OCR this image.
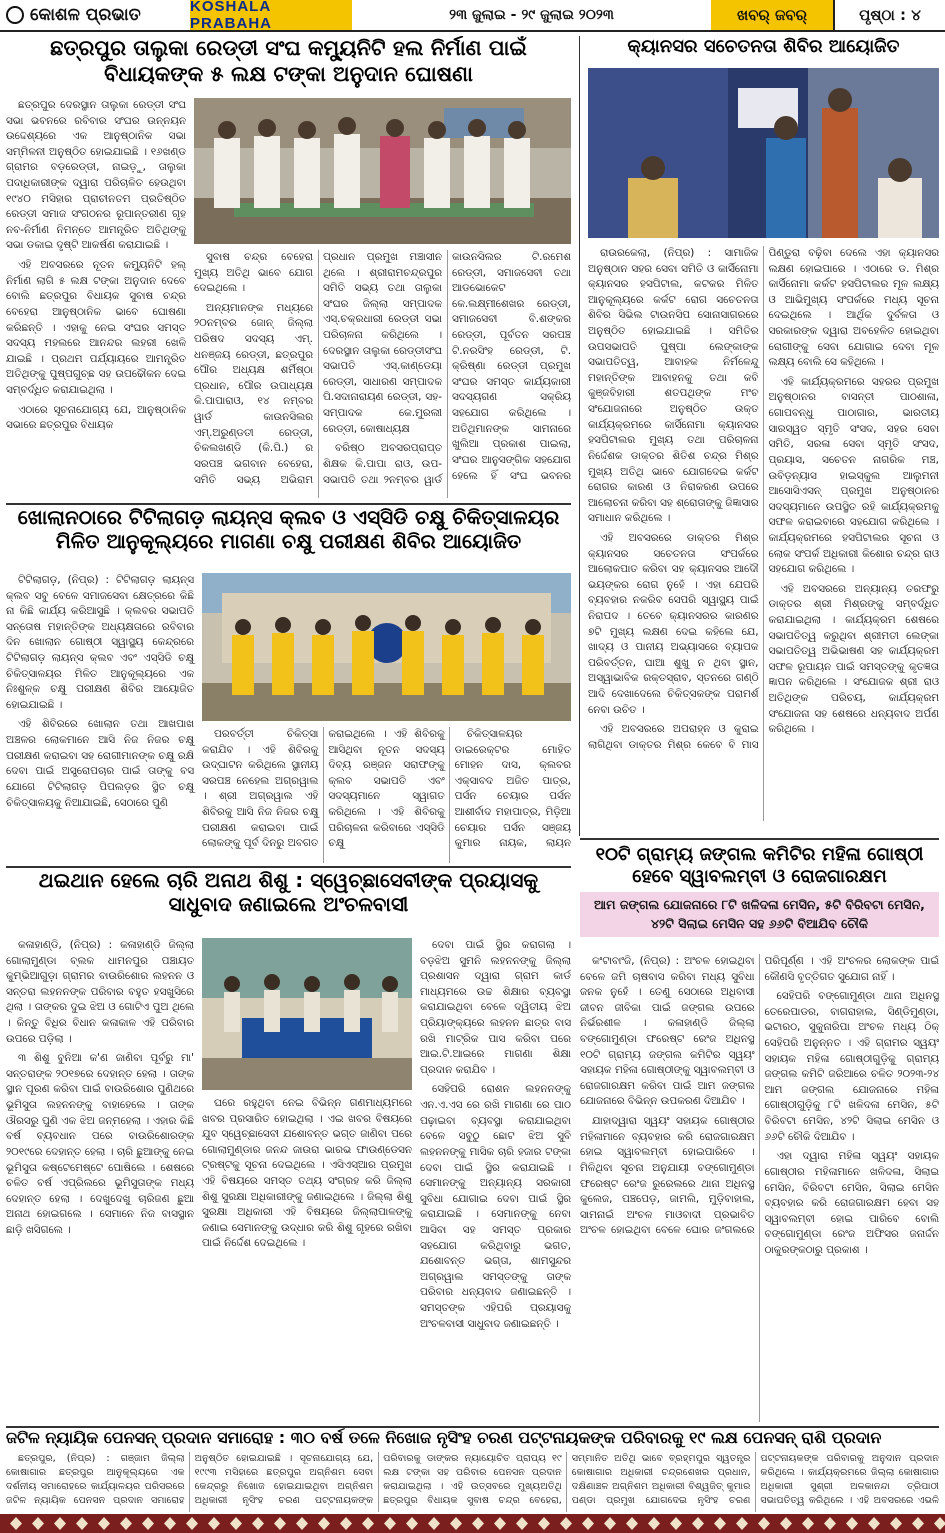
କୋଶଳ ପ୍ରଭାତ	KOSHALA PRABAHA	୨୩ ଜୁଲାଇ - ୨୯ ଜୁଲାଇ ୨୦୨୩	ଖବର୍ ଜବର୍	ପୃଷ୍ଠା : ୪
ଛତ୍ରପୁର ତାଲୁକା ରେଡ୍ଡୀ ସଂଘ କମ୍ୟୁନିଟି ହଲ ନିର୍ମାଣ ପାଇଁ ବିଧାୟକଙ୍କ ୫ ଲକ୍ଷ ଟଙ୍କା ଅନୁଦାନ ଘୋଷଣା

ଛତ୍ରପୁର ଦେରସ୍ଥାନ ତାଲୁକା ରେଡ୍ଡୀ ସଂଘ ସଭା ଭବନରେ ରବିବାର ସଂଘର ଉନ୍ନୟନ ଉଦ୍ଦେଶ୍ୟରେ ଏକ ଆନୁଷ୍ଠାନିକ ସଭା ସମ୍ମିଳନୀ ଅନୁଷ୍ଠିତ ହୋଇଯାଇଛି । ୧୬ଖଣ୍ଡ ଗ୍ରାମର ବଡ଼ରେଡ୍ଡୀ, ନାଇଡ଼ୁ, ତାଲୁକା ପଦାଧିକାରୀଙ୍କ ଦ୍ୱାରା ପରିଚାଳିତ ହେଉଥିବା ୧୯୪୦ ମସିହାର ପ୍ରାଚୀନତମ ପ୍ରତିଷ୍ଠିତ ରେଡ୍ଡୀ ସମାଜ ସଂଗଠନର ରୂପାନ୍ତରୀଣ ଗୃହ ନବ-ନିର୍ମାଣ ନିମନ୍ତେ ଆମନ୍ତ୍ରିତ ଅତିଥିଙ୍କୁ ସଭା ଡକାଇ ଦୃଷ୍ଟି ଆକର୍ଷଣ କରାଯାଇଛି ।

ଏହି ଅବସରରେ ନୂତନ କମ୍ୟୁନିଟି ହଲ୍ ନିର୍ମାଣ ଲାଗି ୫ ଲକ୍ଷ ଟଙ୍କା ଅନୁଦାନ ଦେବେ ବୋଲି ଛତ୍ରପୁର ବିଧାୟକ ସୁବାଷ ଚନ୍ଦ୍ର ବେହେରା ଆନୁଷ୍ଠାନିକ ଭାବେ ଘୋଷଣା କରିଛନ୍ତି । ଏହାକୁ ନେଇ ସଂଘର ସମସ୍ତ ସଦସ୍ୟ ମହଲରେ ଆନନ୍ଦର ଲହରୀ ଖେଳି ଯାଇଛି । ପ୍ରଥମ ପର୍ଯ୍ୟାୟରେ ଆମନ୍ତ୍ରିତ ଅତିଥିଙ୍କୁ ପୁଷ୍ପଗୁଚ୍ଛ ସହ ଉପଢୌକନ ଦେଇ ସମ୍ବର୍ଦ୍ଧିତ କରାଯାଇଥିଲା ।

ଏଠାରେ ସୂଚନାଯୋଗ୍ୟ ଯେ, ଆନୁଷ୍ଠାନିକ ସଭାରେ ଛତ୍ରପୁର ବିଧାୟକ

ସୁବାଷ ଚନ୍ଦ୍ର ବେହେରା ମୁଖ୍ୟ ଅତିଥି ଭାବେ ଯୋଗ ଦେଇଥିଲେ ।

ଅନ୍ୟମାନଙ୍କ ମଧ୍ୟରେ ୨୦ନମ୍ବର ଜୋନ୍ ଜିଲ୍ଲା ପରିଷଦ ସଦସ୍ୟ ଏମ୍. ଧନଞ୍ଜୟ ରେଡ୍ଡୀ, ଛତ୍ରପୁର ପୌର ଅଧ୍ୟକ୍ଷ ଶର୍ମିଷ୍ଠା ପ୍ରଧାନ, ପୌର ଉପାଧ୍ୟକ୍ଷ କି.ପାପାରାଓ, ୧୪ ନମ୍ବର ୱାର୍ଡ କାଉନସିଲର ଏମ୍.ଅରୁଣ୍ଡତୀ ରେଡ୍ଡୀ, ଚିକଲଖଣ୍ଡି (କି.ପି.) ର ସରପଞ୍ଚ ଭଗବାନ ବେହେରା, ସମିତି ସଭ୍ୟ ଅଭିରାମ ପ୍ରଧାନ ପ୍ରମୁଖ ମଞ୍ଚାସୀନ ଥିଲେ । ଶ୍ରୀରାମଚନ୍ଦ୍ରପୁର ସମିତି ସଭ୍ୟ ତଥା ତାଲୁକା ସଂଘର ଜିଲ୍ଲା ସମ୍ପାଦକ ଏସ୍.ଚକ୍ରଧାରୀ ରେଡ୍ଡୀ ସଭା ପରିଚାଳନା କରିଥିଲେ । ଦେରସ୍ଥାନ ତାଲୁକା ରେଡ୍ଡୀସଂଘ ସଭାପତି ଏସ୍.କାଣ୍ଡେୟା ରେଡ୍ଡୀ, ସାଧାରଣ ସମ୍ପାଦକ ପି.ସଦାନାରାୟଣ ରେଡ୍ଡୀ, ସହ-ସମ୍ପାଦକ କେ.ମୁରଲୀ ରେଡ୍ଡୀ, କୋଷାଧ୍ୟକ୍ଷ

ବରିଷ୍ଠ ଅବସରପ୍ରାପ୍ତ ଶିକ୍ଷକ କି.ପାପା ରାଓ, ଉପ-ସଭାପତି ତଥା ୨ନମ୍ବର ୱାର୍ଡ କାଉନସିଲର ଟି.ରମେଶ ରେଡ୍ଡୀ, ସମାଜସେବୀ ତଥା ଆଡଭୋକେଟ କେ.ଲକ୍ଷ୍ମୀଶେଖର ରେଡ୍ଡୀ, ସମାଜସେବୀ ବି.ଶଙ୍କର ରେଡ୍ଡୀ, ପୂର୍ବତନ ସରପଞ୍ଚ ଟି.ନରସିଂହ ରେଡ୍ଡୀ, ଟି. କ୍ରିଷ୍ଣା ରେଡ୍ଡୀ ପ୍ରମୁଖ ସଂଘର ସମସ୍ତ କାର୍ଯ୍ୟକାରୀ ସଦସ୍ୟଗଣ ସକ୍ରିୟ ସହଯୋଗ କରିଥିଲେ । ଅତିଥିମାନଙ୍କ ସାମନାରେ ଖୁଲିଆ ପ୍ରକାଶ ପାଇଲା, ସଂଘର ଆନୁସଙ୍ଗିକ ସହଯୋଗ ହେଲେ ହିଁ ସଂଘ ଭବନର

କ୍ୟାନସର ସଚେତନତା ଶିବିର ଆୟୋଜିତ

ରାଉରକେଲା, (ନିପ୍ର) : ସାମାଜିକ ଅନୁଷ୍ଠାନ ସହର ସେବା ସମିତି ଓ କାର୍ସିନୋମା କ୍ୟାନସର ହସପିଟାଲ, କଟକର ମିଳିତ ଆନୁକୂଲ୍ୟରେ କର୍କଟ ରୋଗ ସଚେତନତା ଶିବିର ସିଭିଲ ଟାଉନସିପ ସୋନାସାଗରରେ ଅନୁଷ୍ଠିତ ହୋଇଯାଇଛି । ସମିତିର ଉପସଭାପତି ପୁଷ୍ପା ଲେଙ୍କାଙ୍କ ସଭାପତିତ୍ୱ, ଆବାହକ ନିର୍ମଳେନ୍ଦୁ ମହାନ୍ତିଙ୍କ ଆବାହନକୁ ତଥା କବି କୁଞ୍ଜବିହାରୀ ଶତପଥିଙ୍କ ମଂଚ ସଂଯୋଜନାରେ ଅନୁଷ୍ଠିତ ଉକ୍ତ କାର୍ଯ୍ୟକ୍ରମରେ କାର୍ସିନୋମା କ୍ୟାନସର ହସପିଟାଲର ମୁଖ୍ୟ ତଥା ପରିଚାଳନା ନିର୍ଦ୍ଦେଶକ ଡାକ୍ତର ଶିତିଶ ଚନ୍ଦ୍ର ମିଶ୍ର ମୁଖ୍ୟ ଅତିଥି ଭାବେ ଯୋଗଦେଇ କର୍କଟ ରୋଗର କାରଣ ଓ ନିରାକରଣ ଉପରେ ଆଲୋଚନା କରିବା ସହ ଶ୍ରୋତାଙ୍କୁ ଜିଜ୍ଞାସାର ସମାଧାନ କରିଥିଲେ ।

ଏହି ଅବସରରେ ଡାକ୍ତର ମିଶ୍ର କ୍ୟାନସର ସଚେତନତା ସଂପର୍କରେ ଆଲୋକପାତ କରିବା ସହ କ୍ୟାନସର ଆଦୌ ଭୟଙ୍କର ରୋଗ ନୁହେଁ । ଏହା ଯେପରି ବ୍ୟବହାର ନକରିବ ସେପରି ସ୍ୱାସ୍ଥ୍ୟ ପାଇଁ ନିରାପଦ । ତେବେ କ୍ୟାନସରର କାରଣର ୭ଟି ମୁଖ୍ୟ ଲକ୍ଷଣ ଦେଇ କହିଲେ ଯେ, ଖାଦ୍ୟ ଓ ପାନୀୟ ଅଭ୍ୟାସରେ ବ୍ୟାପକ ପରିବର୍ତ୍ତନ, ଘାଆ ଶୁଖୁ ନ ଥିବା ସ୍ଥାନ, ଅସ୍ୱାଭାବିକ ରକ୍ତସ୍ରାବ, ସ୍ତନରେ ଗଣ୍ଠି ଆଦି ଦେଖାଦେଲେ ଚିକିତ୍ସକଙ୍କ ପରାମର୍ଶ ନେବା ଉଚିତ ।

ଏହି ଅବସରରେ ଅପରାହ୍ନ ଓ କୁରାଇ ଲାଗିଥିବା ଡାକ୍ତର ମିଶ୍ର କେବେ ବି ମାସ ପିଣ୍ଡୁରା ବଢ଼ିବା ଦେଲେ ଏହା କ୍ୟାନସର ଲକ୍ଷଣ ହୋଇପାରେ । ଏଠାରେ ଡ. ମିଶ୍ର କାର୍ସିନୋମା କର୍କଟ ହସପିଟାଲର ମୂଳ ଲକ୍ଷ୍ୟ ଓ ଆଭିମୁଖ୍ୟ ସଂପର୍କରେ ମଧ୍ୟ ସୂଚନା ଦେଇଥିଲେ । ଆର୍ଥିକ ଦୁର୍ବଳତା ଓ ସରକାରଙ୍କ ଦ୍ୱାରା ଅବହେଳିତ ହୋଇଥିବା ରୋଗୀଙ୍କୁ ସେବା ଯୋଗାଇ ଦେବା ମୂଳ ଲକ୍ଷ୍ୟ ବୋଲି ସେ କହିଥିଲେ ।

ଏହି କାର୍ଯ୍ୟକ୍ରମରେ ସହରର ପ୍ରମୁଖ ଅନୁଷ୍ଠାନର ବାସନ୍ତୀ ପାଠଶାଳା, ଗୋପବନ୍ଧୁ ପାଠାଗାର, ଭାରତୀୟ ସାରସ୍ୱତ ସ୍ମୃତି ସଂସଦ, ସହର ସେବା ସମିତି, ସରଳା ସେବା ସ୍ମୃତି ସଂସଦ, ପ୍ରୟାସ, ସଚେତନ ନାଗରିକ ମଞ୍ଚ, ଉବିଡ଼ନ୍ୟାସ ହାଇସ୍କୁଲ ଆଲୁମନୀ ଆସୋସିଏସନ୍ ପ୍ରମୁଖ ଅନୁଷ୍ଠାନର ସଦସ୍ୟମାନେ ଉପସ୍ଥିତ ରହି କାର୍ଯ୍ୟକ୍ରମକୁ ସଫଳ କରାଇବାରେ ସହଯୋଗ କରିଥିଲେ । କାର୍ଯ୍ୟକ୍ରମରେ ହସପିଟାଲର ସୂଚନା ଓ ଲୋକ ସଂପର୍କ ଅଧିକାରୀ କିଶୋର ଚନ୍ଦ୍ର ରାଓ ସହଯୋଗ କରିଥିଲେ ।

ଏହି ଅବସରରେ ଅନ୍ୟାନ୍ୟ ତରଫରୁ ଡାକ୍ତର ଶ୍ରୀ ମିଶ୍ରଙ୍କୁ ସମ୍ବର୍ଦ୍ଧିତ କରାଯାଇଥିଲା । କାର୍ଯ୍ୟକ୍ରମ ଶେଷରେ ସଭାପତିତ୍ୱ କରୁଥିବା ଶ୍ରୀମତୀ ଲେଙ୍କା ସଭାପତିତ୍ୱ ଅଭିଭାଷଣ ସହ କାର୍ଯ୍ୟକ୍ରମ ସଫଳ ରୂପାୟନ ପାଇଁ ସମସ୍ତଙ୍କୁ କୃତଜ୍ଞତା ଜ୍ଞାପନ କରିଥିଲେ । ସଂଯୋଜକ ଶ୍ରୀ ରାଓ ଅତିଥିଙ୍କ ପରିଚୟ, କାର୍ଯ୍ୟକ୍ରମ ସଂଯୋଜନା ସହ ଶେଷରେ ଧନ୍ୟବାଦ ଅର୍ପଣ କରିଥିଲେ ।

ଖୋଲାନଠାରେ ଟିଟିଲାଗଡ଼ ଲାୟନ୍ସ କ୍ଲବ ଓ ଏସ୍‌ସିଡି ଚକ୍ଷୁ ଚିକିତ୍ସାଳୟର ମିଳିତ ଆନୁକୂଲ୍ୟରେ ମାଗଣା ଚକ୍ଷୁ ପରୀକ୍ଷଣ ଶିବିର ଆୟୋଜିତ

ଟିଟିଲାଗଡ଼, (ନିପ୍ର) : ଟିଟିଲାଗଡ଼ ଲାୟନ୍ସ କ୍ଲବ ସବୁ ବେଳେ ସମାଜସେବା କ୍ଷେତ୍ରରେ କିଛି ନା କିଛି କାର୍ଯ୍ୟ କରିଆସୁଛି । କ୍ଲବର ସଭାପତି ସନ୍ତୋଷ ମହାନ୍ତିଙ୍କ ଅଧ୍ୟକ୍ଷତାରେ ରବିବାର ଦିନ ଖୋଲାନ ଗୋଷ୍ଠୀ ସ୍ୱାସ୍ଥ୍ୟ କେନ୍ଦ୍ରରେ ଟିଟିଲାଗଡ଼ ଲାୟନ୍ସ କ୍ଲବ ଏବଂ ଏସ୍‌ସିଡି ଚକ୍ଷୁ ଚିକିତ୍ସାଳୟର ମିଳିତ ଆନୁକୂଲ୍ୟରେ ଏକ ନିଃଶୁଳ୍କ ଚକ୍ଷୁ ପରୀକ୍ଷଣ ଶିବିର ଆୟୋଜିତ ହୋଇଯାଇଛି ।

ଏହି ଶିବିରରେ ଖୋଲାନ ତଥା ଆଖପାଖ ଅଞ୍ଚଳର ଲୋକମାନେ ଆସି ନିଜ ନିଜର ଚକ୍ଷୁ ପରୀକ୍ଷଣ କରାଇବା ସହ ରୋଗୀମାନଙ୍କ ଚକ୍ଷୁ ରକ୍ଷି ଦେବା ପାଇଁ ଅସ୍ତ୍ରୋପଚାର ପାଇଁ ତାଙ୍କୁ ବସ ଯୋଗେ ଟିଟିଲାଗଡ଼ ପିପଲଡ଼ର ସ୍ଥିତ ଚକ୍ଷୁ ଚିକିତ୍ସାଳୟକୁ ନିଆଯାଇଛି, ସେଠାରେ ପୁଣି

ପରବର୍ତ୍ତୀ ଚିକିତ୍ସା କରାଯିବ । ଏହି ଶିବିରକୁ ଉଦ୍‌ଘାଟନ କରିଥିଲେ ସ୍ଥାନୀୟ ସରପଞ୍ଚ ନେହେଲ ଅଗ୍ରୱାଲ । ଶ୍ରୀ ଅଗ୍ରୱାଲ ଏହି ଶିବିରକୁ ଆସି ନିଜ ନିଜର ଚକ୍ଷୁ ପରୀକ୍ଷଣ କରାଇବା ପାଇଁ ଲୋକଙ୍କୁ ପୂର୍ବ ଦିନରୁ ଅବଗତ କରାଇଥିଲେ । ଏହି ଶିବିରକୁ ଆସିଥିବା ନୂତନ ସଦସ୍ୟ ଦିବ୍ୟ ରଞ୍ଜନ ସରାଫଙ୍କୁ କ୍ଲବ ସଭାପତି ଏବଂ ସଦସ୍ୟମାନେ ସ୍ୱାଗତ କରିଥିଲେ । ଏହି ଶିବିରକୁ ପରିଚାଳନା କରିବାରେ ଏସ୍‌ସିଡି ଚକ୍ଷୁ

ଚିକିତ୍ସାଳୟର ଡାଇରେକ୍ଟର ମୋହିତ ମୋହନ ଦାସ, କ୍ଲବର ଏକ୍ସାବଦ ଅଜିତ ପାତ୍ର, ପର୍ସନ ଚେୟାର ପର୍ସନ ଆଶୀର୍ବାଦ ମହାପାତ୍ର, ମିଡ଼ିଆ ଚେୟାର ପର୍ସନ ସଞ୍ଜୟ କୁମାର ନାୟକ, ଲାୟନ

ଥଇଥାନ ହେଲେ ଚାରି ଅନାଥ ଶିଶୁ : ସ୍ୱେଚ୍ଛାସେବୀଙ୍କ ପ୍ରୟାସକୁ ସାଧୁବାଦ ଜଣାଇଲେ ଅଂଚଳବାସୀ

କଳାହାଣ୍ଡି, (ନିପ୍ର) : କଳାହାଣ୍ଡି ଜିଲ୍ଲା ଗୋଲାମୁଣ୍ଡା ବ୍ଲକ ଧାମନପୁର ପଞ୍ଚାୟତ କୁମ୍ଭିଆଗୁଡ଼ା ଗ୍ରାମର ବାଉରିଶୋର ଲହନନ ଓ ସନ୍ତରା ଲହନନଙ୍କ ପରିବାର ବହୁତ ହସଖୁସିରେ ଥିଲା । ତାଙ୍କର ଦୁଇ ଝିଅ ଓ ଗୋଟିଏ ପୁଅ ଥିଲେ । କିନ୍ତୁ ବିଧିର ବିଧାନ କଳାକାଳ ଏହି ପରିବାର ଉପରେ ପଡ଼ିଲା ।

୩ ଶିଶୁ ବୁନିଆ କ'ଣ ଜାଣିବା ପୂର୍ବରୁ ମା' ସନ୍ତରାଙ୍କ ୨୦୧୭ରେ ଦେହାନ୍ତ ହେଲା । ତାଙ୍କ ସ୍ଥାନ ପୂରଣ କରିବା ପାଇଁ ବାଉରିଶୋର ପୁଣିଥରେ ଭୂମିସୁତା ଲହନନଙ୍କୁ ବାହାହେଲେ । ତାଙ୍କ ଔରସରୁ ପୁଣି ଏକ ଝିଅ ଜନ୍ମହେଲା । ଏହାର କିଛି ବର୍ଷ ବ୍ୟବଧାନ ପରେ ବାଉରିଶୋରଙ୍କ ୨୦୧୯ରେ ଦେହାନ୍ତ ହେଲା । ଚାରି ଛୁଆଙ୍କୁ ନେଇ ଭୂମିସୁତା କଷ୍ଟେମେଷ୍ଟେ ପୋଷିଲେ । ଶେଷରେ ଚଳିତ ବର୍ଷ ଏପ୍ରିଲରେ ଭୂମିସୁତାଙ୍କ ମଧ୍ୟ ଦେହାନ୍ତ ହେଲା । ଦେଖୁଦେଖୁ ଚାରିଜଣ ଛୁଆ ଅନାଥ ହୋଇଗଲେ । ସେମାନେ ନିଜ ବାସସ୍ଥାନ ଛାଡ଼ି ଖସିଗଲେ ।

ଘରେ ରହୁଥିବା ନେଇ ବିଭିନ୍ନ ଗଣମାଧ୍ୟମରେ ଖବର ପ୍ରସାରିତ ହୋଇଥିଲା । ଏଇ ଖବର ବିଷୟରେ ଯୁବ ସ୍ୱେଚ୍ଛାସେବୀ ଯଶୋବନ୍ତ ଭଗ୍ତ ଜାଣିବା ପରେ ଗୋଲାମୁଣ୍ଡାର ଜନନ୍ଦ ଜାଉରା ଭାରଭ ଫାଉଣ୍ଡେସନ ଟ୍ରଷ୍ଟକୁ ସୂଚନା ଦେଇଥିଲେ । ଏସିଏସ୍ଆର ପ୍ରମୁଖ ଏହି ବିଷୟରେ ସମସ୍ତ ତଥ୍ୟ ସଂଗ୍ରହ କରି ଜିଲ୍ଲା ଶିଶୁ ସୁରକ୍ଷା ଅଧିକାରୀଙ୍କୁ ଜଣାଇଥିଲେ । ଜିଲ୍ଲା ଶିଶୁ ସୁରକ୍ଷା ଅଧିକାରୀ ଏହି ବିଷୟରେ ଜିଲ୍ଲାପାଳଙ୍କୁ ଜଣାଇ ସେମାନଙ୍କୁ ଉଦ୍ଧାର କରି ଶିଶୁ ଗୃହରେ ରଖିବା ପାଇଁ ନିର୍ଦ୍ଦେଶ ଦେଇଥିଲେ ।

ଦେବା ପାଇଁ ସ୍ଥିର କରାଗଲା । ବଡ଼ଝିଅ ସୁମନି ଲହନନଙ୍କୁ ଜିଲ୍ଲା ପ୍ରଶାସନ ଦ୍ୱାରା ଗ୍ରାମ କାର୍ଡ ମାଧ୍ୟମରେ ଉଚ୍ଚ ଶିକ୍ଷାର ବ୍ୟବସ୍ଥା କରାଯାଇଥିବା ବେଳେ ଦ୍ୱିତୀୟ ଝିଅ ପ୍ରିୟାଙ୍କ୍ୟରେ ଲହନନ ଛାତ୍ର ବାସ ରଖି ମାଟ୍ରିକ ପାସ କରିବା ପରେ ଆଇ.ଟି.ଆଇରେ ମାଗଣା ଶିକ୍ଷା ପ୍ରଦାନ କରାଯିବ ।

ସେହିପରି ରୋଶନ ଲହନନଙ୍କୁ ଏନ.ଏ.ଏସ ରେ ରଖି ମାଗଣା ରେ ପାଠ ପଢ଼ାଇବା ବ୍ୟବସ୍ଥା କରାଯାଇଥିବା ବେଳେ ସବୁଠୁ ଛୋଟ ଝିଅ ସୁବି ଲହନନଙ୍କୁ ମାସିକ ଚାରି ହଜାର ଟଙ୍କା ଦେବା ପାଇଁ ସ୍ଥିର କରାଯାଇଛି । ସେମାନଙ୍କୁ ଅନ୍ୟାନ୍ୟ ସରକାରୀ ସୁବିଧା ଯୋଗାଇ ଦେବା ପାଇଁ ସ୍ଥିର କରାଯାଇଛି । ସେମାନଙ୍କୁ ନେବା ଆସିବା ସହ ସମସ୍ତ ପ୍ରକାର ସହଯୋଗ କରିଥିବାରୁ ଭଗତ, ଯଶୋବନ୍ତ ଭଗ୍ତା, ଶାମସୁନ୍ଦର ଅଗ୍ରୱାଲ ସମସ୍ତଙ୍କୁ ତାଙ୍କ ପରିବାର ଧନ୍ୟବାଦ ଜଣାଇଛନ୍ତି । ସମସ୍ତଙ୍କ ଏହିପରି ପ୍ରୟାସକୁ ଅଂଚଳବାସୀ ସାଧୁବାଦ ଜଣାଇଛନ୍ତି ।

୧୦ଟି ଗ୍ରାମ୍ୟ ଜଙ୍ଗଲ କମିଟିର ମହିଳା ଗୋଷ୍ଠୀ ହେବେ ସ୍ୱାବଲମ୍ବୀ ଓ ରୋଜଗାରକ୍ଷମ
ଆମ ଜଙ୍ଗଲ ଯୋଜନାରେ ୮ଟି ଖଳିଦଳା ମେସିନ, ୫ଟି ବିରିବଟା ମେସିନ, ୪୨ଟି ସିଲାଇ ମେସିନ ସହ ୬୬ଟି ବିଆଯିବ ଚୌକି

କଂଟାବାଂଜି, (ନିପ୍ର) : ଅଂଚଳ ହୋଇଥିବା ବେଳେ ଜମି ଚାଷବାସ କରିବା ମଧ୍ୟ ସୁବିଧା ଜନକ ନୁହେଁ । ତେଣୁ ସେଠାରେ ଅଧିବାସୀ ଜୀବନ ଜୀବିକା ପାଇଁ ଜଙ୍ଗଲ ଉପରେ ନିର୍ଭରଶୀଳ । କଳାହାଣ୍ଡି ଜିଲ୍ଲା ବଙ୍ଗୋମୁଣ୍ଡା ଫରେଷ୍ଟ ରେଂଜ ଅଧିନସ୍ଥ ୧୦ଟି ଗ୍ରାମ୍ୟ ଜଙ୍ଗଲ କମିଟିର ସ୍ୱୟଂ ସହାୟକ ମହିଳା ଗୋଷ୍ଠୀଙ୍କୁ ସ୍ୱାବଲମ୍ବୀ ଓ ରୋଜଗାରକ୍ଷମ କରିବା ପାଇଁ ଆମ ଜଙ୍ଗଲ ଯୋଜନାରେ ବିଭିନ୍ନ ଉପକରଣ ଦିଆଯିବ ।

ଯାହାଦ୍ୱାରା ସ୍ୱୟଂ ସହାୟକ ଗୋଷ୍ଠୀର ମହିଳାମାନେ ବ୍ୟବହାର କରି ରୋଜଗାରକ୍ଷମ ହୋଇ ସ୍ୱାବଲମ୍ବୀ ହୋଇପାରିବେ । ମିଳିଥିବା ସୂଚନା ଅନୁଯାୟୀ ବଙ୍ଗୋମୁଣ୍ଡା ଫରେଷ୍ଟ ରେଂଜ ରୁରେଲରେ ଥାନା ଅଧିନସ୍ଥ କୁଲେଜ, ପଞ୍ଚପେଡ଼, ଜାମଲି, ମୁଡ଼ିବାହାଲ, ସାମନାଇଁ ଅଂଚଳ ମାଓବାଦୀ ପ୍ରଭାବିତ ଅଂଚଳ ହୋଇଥିବା ବେଳେ ଘୋର ଜଂଗଲରେ ପରିପୂର୍ଣ୍ଣ । ଏହି ଅଂଚଳର ଲୋକଙ୍କ ପାଇଁ କୌଣସି ବୃତ୍ତିଗତ ସୁଯୋଗ ନାହିଁ ।

ସେହିପରି ବଙ୍ଗୋମୁଣ୍ଡା ଥାନା ଅଧିନସ୍ଥ ତେରେପାଡର, ବାଗରାହାଲ, ସିଣ୍ଡିମୁଣ୍ଡା, ଭଟାରଠ, ସୁକୁନାରିପା ଅଂଚଳ ମଧ୍ୟ ଠିକ୍ ସେହିପରି ଅନୁନ୍ନତ । ଏହି ଗ୍ରାମର ସ୍ୱୟଂ ସହାୟକ ମହିଳା ଗୋଷ୍ଠୀଗୁଡ଼ିକୁ ଗ୍ରାମ୍ୟ ଜଙ୍ଗଲ କମିଟି ଜରିଆରେ ଚଳିତ ୨୦୨୩-୨୪ ଆମ ଜଙ୍ଗଲ ଯୋଜନାରେ ମହିଳା ଗୋଷ୍ଠୀଗୁଡ଼ିକୁ ୮ଟି ଖଳିଦଳା ମେସିନ, ୫ଟି ବିରିବଟା ମେସିନ, ୪୨ଟି ସିଲାଇ ମେସିନ ଓ ୬୬ଟି ଚୌକି ଦିଆଯିବ ।

ଏହା ଦ୍ୱାରା ମହିଳା ସ୍ୱୟଂ ସହାୟକ ଗୋଷ୍ଠୀର ମହିଳାମାନେ ଖଳିଦଳା, ସିଲାଇ ମେସିନ, ବିରିବଟା ମେସିନ, ସିଲାଇ ମେସିନ ବ୍ୟବହାର କରି ରୋଜଗାରକ୍ଷମ ହେବା ସହ ସ୍ୱାବଲମ୍ବୀ ହୋଇ ପାରିବେ ବୋଲି ବଙ୍ଗୋମୁଣ୍ଡା ରେଂଜ ଅଫିସର ଜନାର୍ଦ୍ଦନ ଠାକୁରଙ୍କଠାରୁ ପ୍ରକାଶ ।

ଜଟିଳ ନ୍ୟାୟିକ ପେନସନ୍ ପ୍ରଦାନ ସମାରୋହ : ୩୦ ବର୍ଷ ତଳେ ନିଖୋଜ ନୃସିଂହ ଚରଣ ପଟ୍ଟନାୟକଙ୍କ ପରିବାରକୁ ୧୯ ଲକ୍ଷ ପେନସନ୍ ରାଶି ପ୍ରଦାନ

ଛତ୍ରପୁର, (ନିପ୍ର) : ଗଞ୍ଜାମ ଜିଲ୍ଲା କୋଷାଗାର ଛତ୍ରପୁର ଆନୁକୂଲ୍ୟରେ ଏକ ଦର୍ଶନୀୟ ସମାରୋହରେ କାର୍ଯ୍ୟାଳୟର ପରିସରରେ ଜଟିଳ ନ୍ୟାୟିକ ପେନସନ ପ୍ରଦାନ ସମାରୋହ ଅନୁଷ୍ଠିତ ହୋଇଯାଇଛି । ସୂଚନାଯୋଗ୍ୟ ଯେ, ୧୯୯୩ ମସିହାରେ ଛତ୍ରପୁର ଅଗ୍ନିଶମ ସେବା କେନ୍ଦ୍ରରୁ ନିଖୋଜ ହୋଇଯାଇଥିବା ଅଗ୍ନିଶମ ଅଧିକାରୀ ନୃସିଂହ ଚରଣ ପଟ୍ଟନାୟକଙ୍କ ପରିବାରକୁ ଡାଙ୍କର ନ୍ୟାୟୋଚିତ ପ୍ରାପ୍ୟ ୧୯ ଲକ୍ଷ ଟଙ୍କା ସହ ପରିବାର ପେନସନ ପ୍ରଦାନ କରାଯାଇଥିଲା । ଏହି ଉତ୍ସବରେ ମୁଖ୍ୟଅତିଥି ଛତ୍ରପୁର ବିଧାୟକ ସୁବାଷ ଚନ୍ଦ୍ର ବେହେରା, ସମ୍ମାନିତ ଅତିଥି ଭାବେ ବ୍ରହ୍ମପୁର ସ୍ୱତନ୍ତ୍ର କୋଷାଗାର ଅଧିକାରୀ ଚନ୍ଦ୍ରଶେଖର ପ୍ରଧାନ, ଦକ୍ଷିଣାଞ୍ଚଳ ଅଗ୍ନିଶମ ଅଧିକାରୀ ବିଶ୍ୱଜିତ୍ କୁମାର ପଣ୍ଡା ପ୍ରମୁଖ ଯୋଗଦେଇ ନୃସିଂହ ଚରଣ ପଟ୍ଟନାୟକଙ୍କ ପରିବାରକୁ ଅନୁଦାନ ପ୍ରଦାନ କରିଥିଲେ । କାର୍ଯ୍ୟକ୍ରମରେ ଜିଲ୍ଲା କୋଷାଗାର ଅଧିକାରୀ ସୁଶ୍ରୀ ଅଳକାନନ୍ଦା ତ୍ରିପାଠୀ ସଭାପତିତ୍ୱ କରିଥିଲେ । ଏହି ଅବସରରେ ଏଭଳି
